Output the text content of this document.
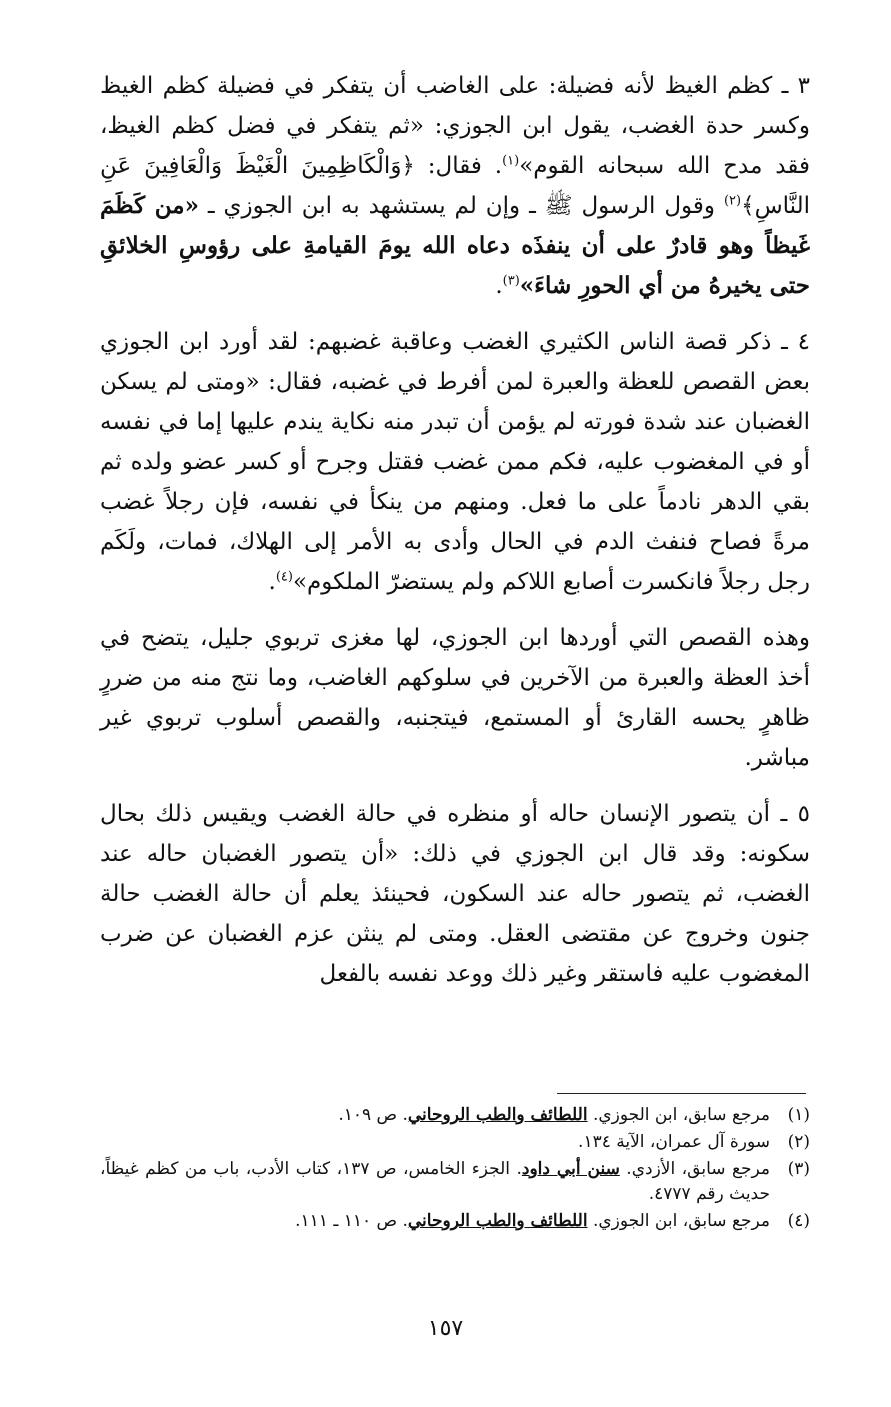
٣ ـ كظم الغيظ لأنه فضيلة: على الغاضب أن يتفكر في فضيلة كظم الغيظ وكسر حدة الغضب، يقول ابن الجوزي: «ثم يتفكر في فضل كظم الغيظ، فقد مدح الله سبحانه القوم»$^{(١)}$. فقال: ﴿وَالْكَاظِمِينَ الْغَيْظَ وَالْعَافِينَ عَنِ النَّاسِ﴾$^{(٢)}$ وقول الرسول ﷺ ـ وإن لم يستشهد به ابن الجوزي ـ «من كَظَمَ غَيظاً وهو قادرٌ على أن ينفذَه دعاه الله يومَ القيامةِ على رؤوسِ الخلائقِ حتى يخيرهُ من أي الحورِ شاءَ»$^{(٣)}$.

٤ ـ ذكر قصة الناس الكثيري الغضب وعاقبة غضبهم: لقد أورد ابن الجوزي بعض القصص للعظة والعبرة لمن أفرط في غضبه، فقال: «ومتى لم يسكن الغضبان عند شدة فورته لم يؤمن أن تبدر منه نكاية يندم عليها إما في نفسه أو في المغضوب عليه، فكم ممن غضب فقتل وجرح أو كسر عضو ولده ثم بقي الدهر نادماً على ما فعل. ومنهم من ينكأ في نفسه، فإن رجلاً غضب مرةً فصاح فنفث الدم في الحال وأدى به الأمر إلى الهلاك، فمات، ولَكَم رجل رجلاً فانكسرت أصابع اللاكم ولم يستضرّ الملكوم»$^{(٤)}$.

وهذه القصص التي أوردها ابن الجوزي، لها مغزى تربوي جليل، يتضح في أخذ العظة والعبرة من الآخرين في سلوكهم الغاضب، وما نتج منه من ضررٍ ظاهرٍ يحسه القارئ أو المستمع، فيتجنبه، والقصص أسلوب تربوي غير مباشر.

٥ ـ أن يتصور الإنسان حاله أو منظره في حالة الغضب ويقيس ذلك بحال سكونه: وقد قال ابن الجوزي في ذلك: «أن يتصور الغضبان حاله عند الغضب، ثم يتصور حاله عند السكون، فحينئذ يعلم أن حالة الغضب حالة جنون وخروج عن مقتضى العقل. ومتى لم ينثن عزم الغضبان عن ضرب المغضوب عليه فاستقر وغير ذلك ووعد نفسه بالفعل

(١)
مرجع سابق، ابن الجوزي. اللطائف والطب الروحاني. ص ١٠٩.
(٢)
سورة آل عمران، الآية ١٣٤.
(٣)
مرجع سابق، الأزدي. سنن أبي داود. الجزء الخامس، ص ١٣٧، كتاب الأدب، باب من كظم غيظاً، حديث رقم ٤٧٧٧.
(٤)
مرجع سابق، ابن الجوزي. اللطائف والطب الروحاني. ص ١١٠ ـ ١١١.
١٥٧
